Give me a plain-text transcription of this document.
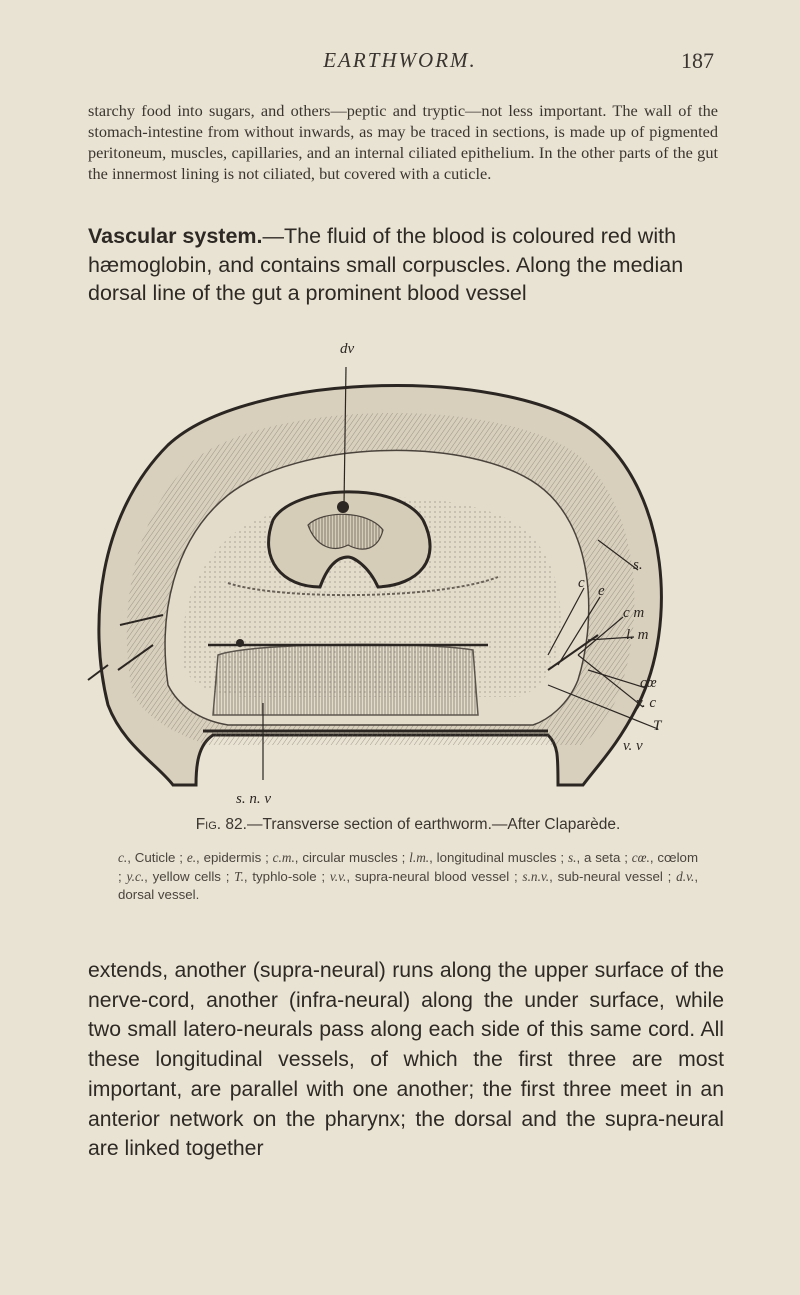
EARTHWORM.	187

starchy food into sugars, and others—peptic and tryptic—not less important. The wall of the stomach-intestine from without inwards, as may be traced in sections, is made up of pigmented peritoneum, muscles, capillaries, and an internal ciliated epithelium. In the other parts of the gut the innermost lining is not ciliated, but covered with a cuticle.

Vascular system.—The fluid of the blood is coloured red with hæmoglobin, and contains small corpuscles. Along the median dorsal line of the gut a prominent blood vessel

dv
c e
c m
l. m
s.
cœ
y. c
T
v. v
s. n. v

Fig. 82.—Transverse section of earthworm.—After Claparède.

c., Cuticle ; e., epidermis ; c.m., circular muscles ; l.m., longitudinal muscles ; s., a seta ; cœ., cœlom ; y.c., yellow cells ; T., typhlo-sole ; v.v., supra-neural blood vessel ; s.n.v., sub-neural vessel ; d.v., dorsal vessel.

extends, another (supra-neural) runs along the upper surface of the nerve-cord, another (infra-neural) along the under surface, while two small latero-neurals pass along each side of this same cord. All these longitudinal vessels, of which the first three are most important, are parallel with one another; the first three meet in an anterior network on the pharynx; the dorsal and the supra-neural are linked together
